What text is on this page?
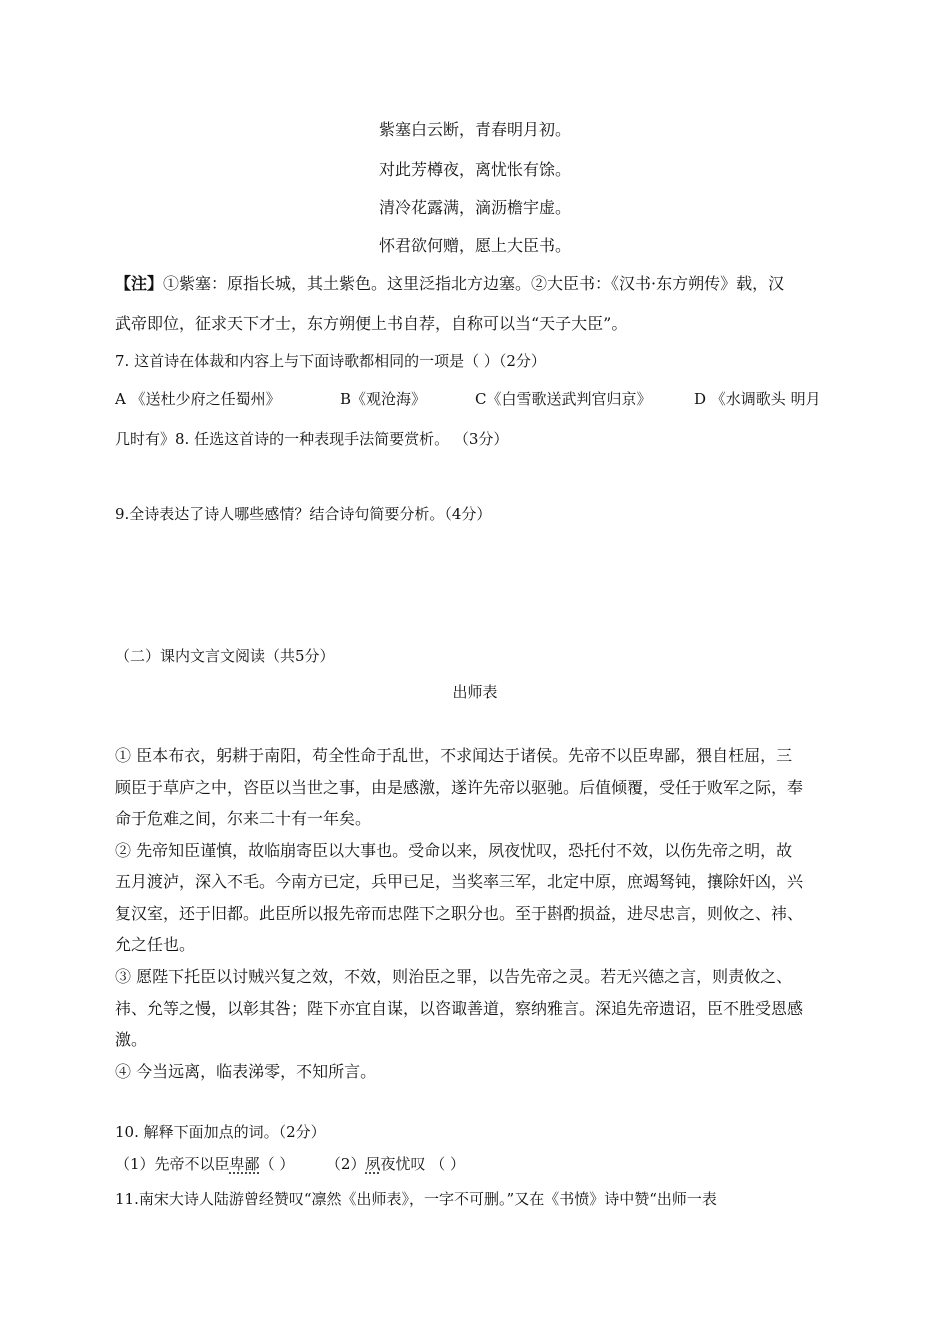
紫塞白云断，青春明月初。
对此芳樽夜，离忧怅有馀。
清冷花露满，滴沥檐宇虚。
怀君欲何赠，愿上大臣书。
【注】①紫塞：原指长城，其土紫色。这里泛指北方边塞。②大臣书：《汉书·东方朔传》载，汉
武帝即位，征求天下才士，东方朔便上书自荐，自称可以当“天子大臣”。
7. 这首诗在体裁和内容上与下面诗歌都相同的一项是（ ）（2分）
A 《送杜少府之任蜀州》	B《观沧海》	C《白雪歌送武判官归京》	D 《水调歌头 明月
几时有》8. 任选这首诗的一种表现手法简要赏析。 （3分）
9.全诗表达了诗人哪些感情？结合诗句简要分析。（4分）
（二）课内文言文阅读（共5分）
出师表
① 臣本布衣，躬耕于南阳，苟全性命于乱世，不求闻达于诸侯。先帝不以臣卑鄙，猥自枉屈，三
顾臣于草庐之中，咨臣以当世之事，由是感激，遂许先帝以驱驰。后值倾覆，受任于败军之际，奉
命于危难之间，尔来二十有一年矣。
② 先帝知臣谨慎，故临崩寄臣以大事也。受命以来，夙夜忧叹，恐托付不效，以伤先帝之明，故
五月渡泸，深入不毛。今南方已定，兵甲已足，当奖率三军，北定中原，庶竭驽钝，攘除奸凶，兴
复汉室，还于旧都。此臣所以报先帝而忠陛下之职分也。至于斟酌损益，进尽忠言，则攸之、祎、
允之任也。
③ 愿陛下托臣以讨贼兴复之效，不效，则治臣之罪，以告先帝之灵。若无兴德之言，则责攸之、
祎、允等之慢，以彰其咎；陛下亦宜自谋，以咨诹善道，察纳雅言。深追先帝遗诏，臣不胜受恩感
激。
④ 今当远离，临表涕零，不知所言。
10. 解释下面加点的词。（2分）
（1）先帝不以臣卑鄙（ ） （2）夙夜忧叹 （ ）
11.南宋大诗人陆游曾经赞叹“凛然《出师表》，一字不可删。”又在《书愤》诗中赞“出师一表
